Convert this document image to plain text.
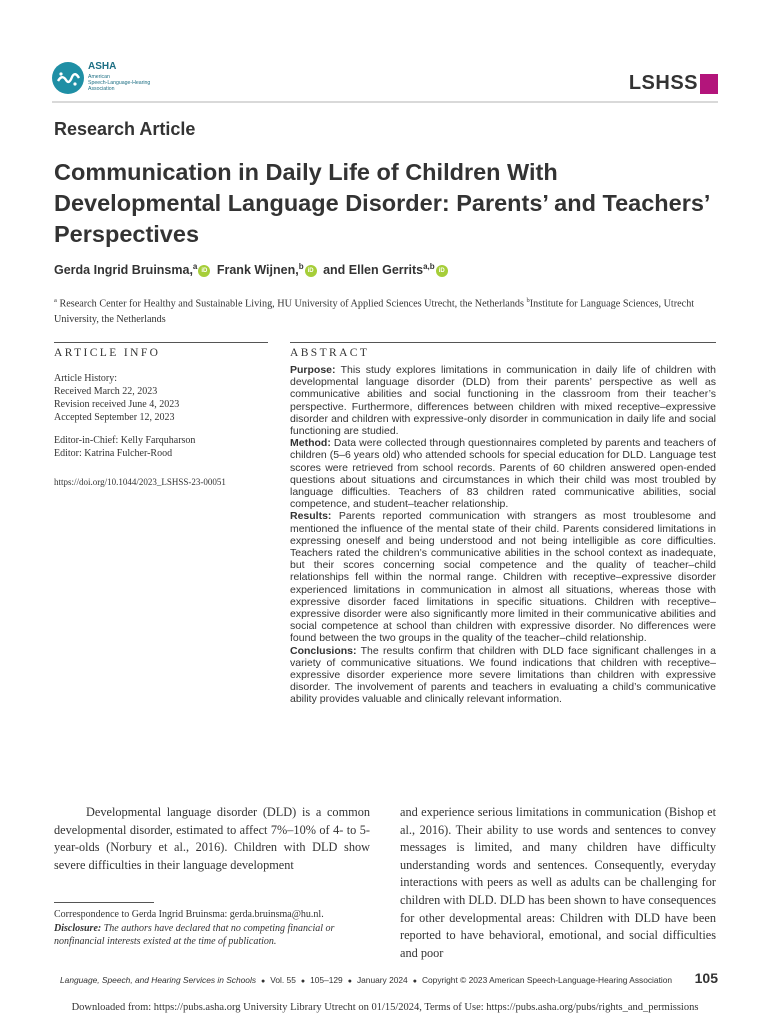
ASHA
American
Speech-Language-Hearing
Association	LSHSS
Research Article
Communication in Daily Life of Children With Developmental Language Disorder: Parents’ and Teachers’ Perspectives
Gerda Ingrid Bruinsma,$^a$iD Frank Wijnen,$^b$iD and Ellen Gerrits$^{a,b}$iD
$^a$ Research Center for Healthy and Sustainable Living, HU University of Applied Sciences Utrecht, the Netherlands $^b$Institute for Language Sciences, Utrecht University, the Netherlands
ARTICLE INFO
Article History:
Received March 22, 2023
Revision received June 4, 2023
Accepted September 12, 2023
Editor-in-Chief: Kelly Farquharson
Editor: Katrina Fulcher-Rood
https://doi.org/10.1044/2023_LSHSS-23-00051
ABSTRACT

Purpose: This study explores limitations in communication in daily life of children with developmental language disorder (DLD) from their parents’ perspective as well as communicative abilities and social functioning in the classroom from their teacher’s perspective. Furthermore, differences between children with mixed receptive–expressive disorder and children with expressive-only disorder in communication in daily life and social functioning are studied.

Method: Data were collected through questionnaires completed by parents and teachers of children (5–6 years old) who attended schools for special education for DLD. Language test scores were retrieved from school records. Parents of 60 children answered open-ended questions about situations and circumstances in which their child was most troubled by language difficulties. Teachers of 83 children rated communicative abilities, social competence, and student–teacher relationship.

Results: Parents reported communication with strangers as most troublesome and mentioned the influence of the mental state of their child. Parents considered limitations in expressing oneself and being understood and not being intelligible as core difficulties. Teachers rated the children’s communicative abilities in the school context as inadequate, but their scores concerning social competence and the quality of teacher–child relationships fell within the normal range. Children with receptive–expressive disorder experienced limitations in communication in almost all situations, whereas those with expressive disorder faced limitations in specific situations. Children with receptive–expressive disorder were also significantly more limited in their communicative abilities and social competence at school than children with expressive disorder. No differences were found between the two groups in the quality of the teacher–child relationship.

Conclusions: The results confirm that children with DLD face significant challenges in a variety of communicative situations. We found indications that children with receptive–expressive disorder experience more severe limitations than children with expressive disorder. The involvement of parents and teachers in evaluating a child’s communicative ability provides valuable and clinically relevant information.

Developmental language disorder (DLD) is a common developmental disorder, estimated to affect 7%–10% of 4- to 5-year-olds (Norbury et al., 2016). Children with DLD show severe difficulties in their language development

and experience serious limitations in communication (Bishop et al., 2016). Their ability to use words and sentences to convey messages is limited, and many children have difficulty understanding words and sentences. Consequently, everyday interactions with peers as well as adults can be challenging for children with DLD. DLD has been shown to have consequences for other developmental areas: Children with DLD have been reported to have behavioral, emotional, and social difficulties and poor

Correspondence to Gerda Ingrid Bruinsma: gerda.bruinsma@hu.nl.
Disclosure: The authors have declared that no competing financial or nonfinancial interests existed at the time of publication.
Language, Speech, and Hearing Services in Schools ● Vol. 55 ● 105–129 ● January 2024 ● Copyright © 2023 American Speech-Language-Hearing Association 105
Downloaded from: https://pubs.asha.org University Library Utrecht on 01/15/2024, Terms of Use: https://pubs.asha.org/pubs/rights_and_permissions
